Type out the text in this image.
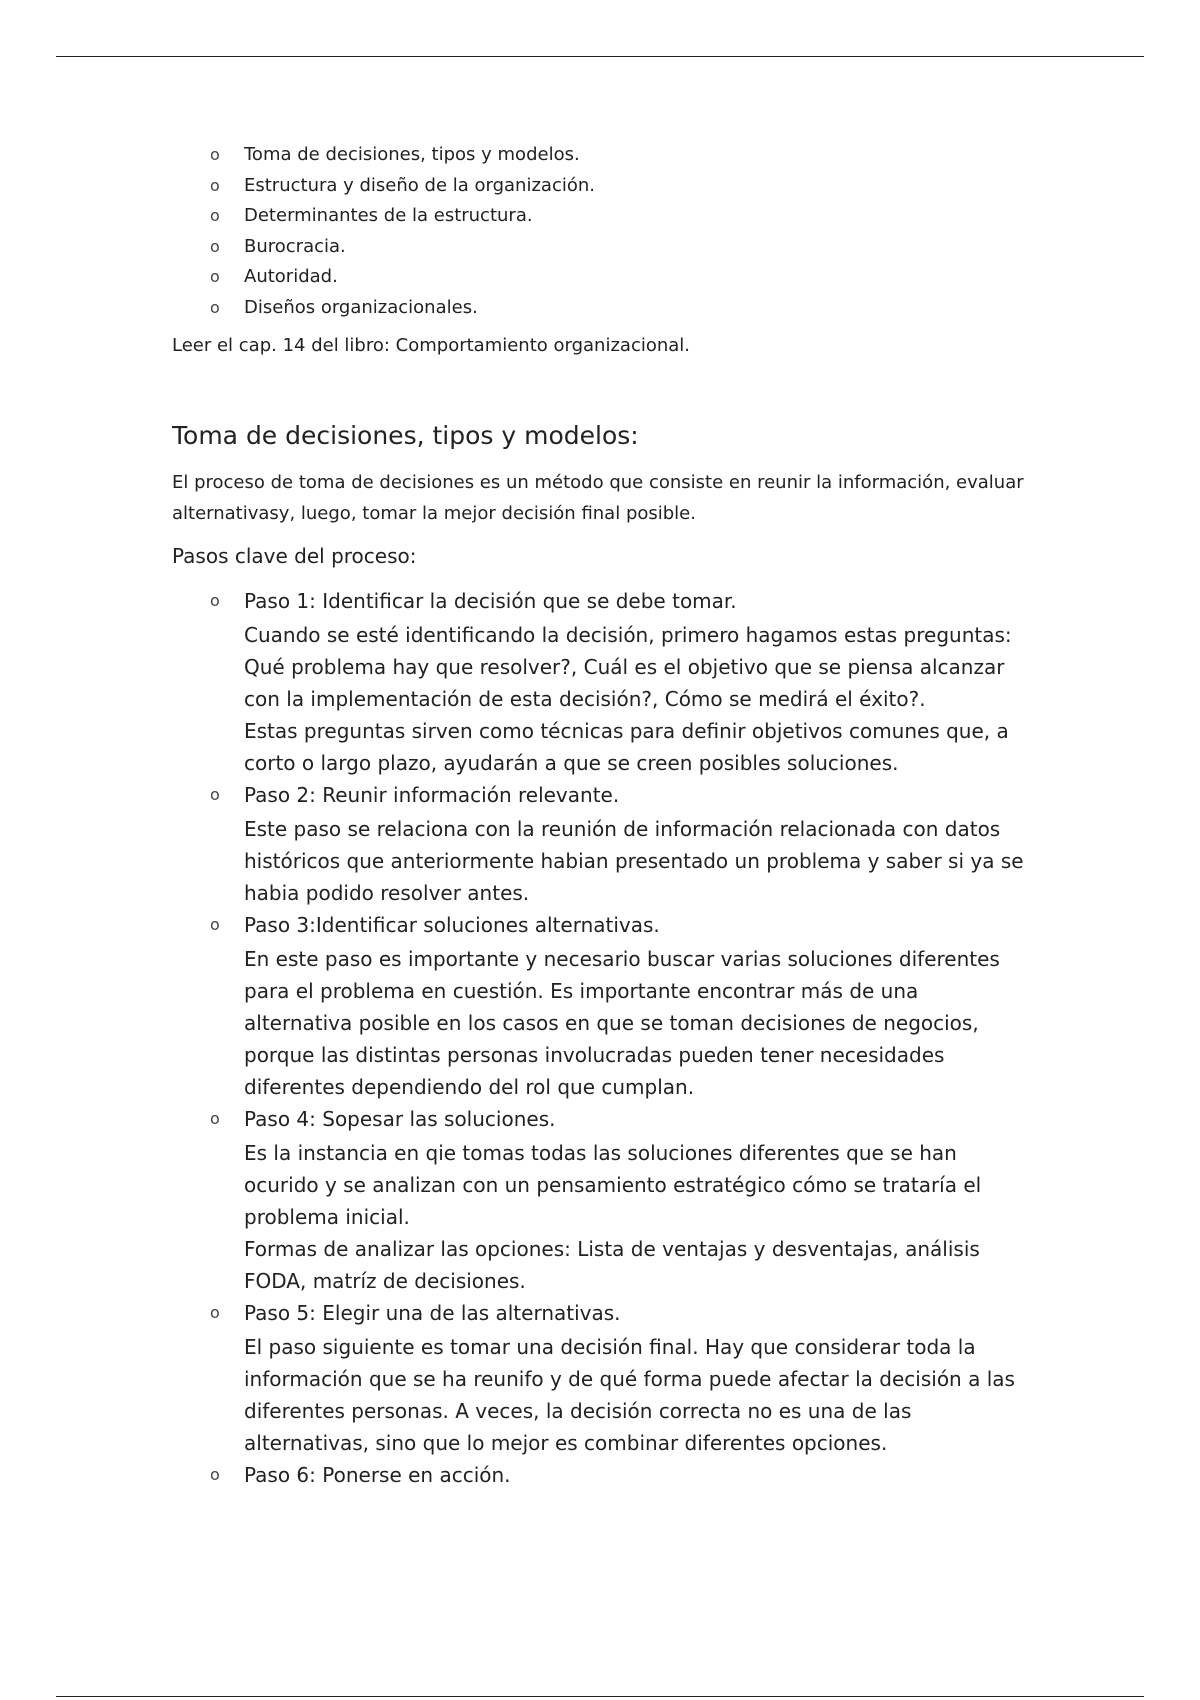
o Toma de decisiones, tipos y modelos.
o Estructura y diseño de la organización.
o Determinantes de la estructura.
o Burocracia.
o Autoridad.
o Diseños organizacionales.

Leer el cap. 14 del libro: Comportamiento organizacional.

Toma de decisiones, tipos y modelos:

El proceso de toma de decisiones es un método que consiste en reunir la información, evaluar alternativasy, luego, tomar la mejor decisión final posible.

Pasos clave del proceso:

o Paso 1: Identificar la decisión que se debe tomar.
Cuando se esté identificando la decisión, primero hagamos estas preguntas: Qué problema hay que resolver?, Cuál es el objetivo que se piensa alcanzar con la implementación de esta decisión?, Cómo se medirá el éxito?.
Estas preguntas sirven como técnicas para definir objetivos comunes que, a corto o largo plazo, ayudarán a que se creen posibles soluciones.
o Paso 2: Reunir información relevante.
Este paso se relaciona con la reunión de información relacionada con datos históricos que anteriormente habian presentado un problema y saber si ya se habia podido resolver antes.
o Paso 3:Identificar soluciones alternativas.
En este paso es importante y necesario buscar varias soluciones diferentes para el problema en cuestión. Es importante encontrar más de una alternativa posible en los casos en que se toman decisiones de negocios, porque las distintas personas involucradas pueden tener necesidades diferentes dependiendo del rol que cumplan.
o Paso 4: Sopesar las soluciones.
Es la instancia en qie tomas todas las soluciones diferentes que se han ocurido y se analizan con un pensamiento estratégico cómo se trataría el problema inicial.
Formas de analizar las opciones: Lista de ventajas y desventajas, análisis FODA, matríz de decisiones.
o Paso 5: Elegir una de las alternativas.
El paso siguiente es tomar una decisión final. Hay que considerar toda la información que se ha reunifo y de qué forma puede afectar la decisión a las diferentes personas. A veces, la decisión correcta no es una de las alternativas, sino que lo mejor es combinar diferentes opciones.
o Paso 6: Ponerse en acción.
